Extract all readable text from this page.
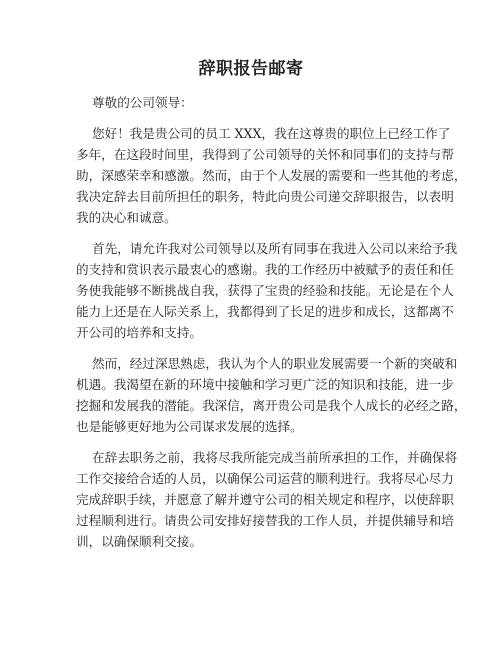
辞职报告邮寄
尊敬的公司领导：
您好！我是贵公司的员工 XXX，我在这尊贵的职位上已经工作了
多年，在这段时间里，我得到了公司领导的关怀和同事们的支持与帮
助，深感荣幸和感激。然而，由于个人发展的需要和一些其他的考虑，
我决定辞去目前所担任的职务，特此向贵公司递交辞职报告，以表明
我的决心和诚意。
首先，请允许我对公司领导以及所有同事在我进入公司以来给予我
的支持和赏识表示最衷心的感谢。我的工作经历中被赋予的责任和任
务使我能够不断挑战自我，获得了宝贵的经验和技能。无论是在个人
能力上还是在人际关系上，我都得到了长足的进步和成长，这都离不
开公司的培养和支持。
然而，经过深思熟虑，我认为个人的职业发展需要一个新的突破和
机遇。我渴望在新的环境中接触和学习更广泛的知识和技能，进一步
挖掘和发展我的潜能。我深信，离开贵公司是我个人成长的必经之路，
也是能够更好地为公司谋求发展的选择。
在辞去职务之前，我将尽我所能完成当前所承担的工作，并确保将
工作交接给合适的人员，以确保公司运营的顺利进行。我将尽心尽力
完成辞职手续，并愿意了解并遵守公司的相关规定和程序，以使辞职
过程顺利进行。请贵公司安排好接替我的工作人员，并提供辅导和培
训，以确保顺利交接。
